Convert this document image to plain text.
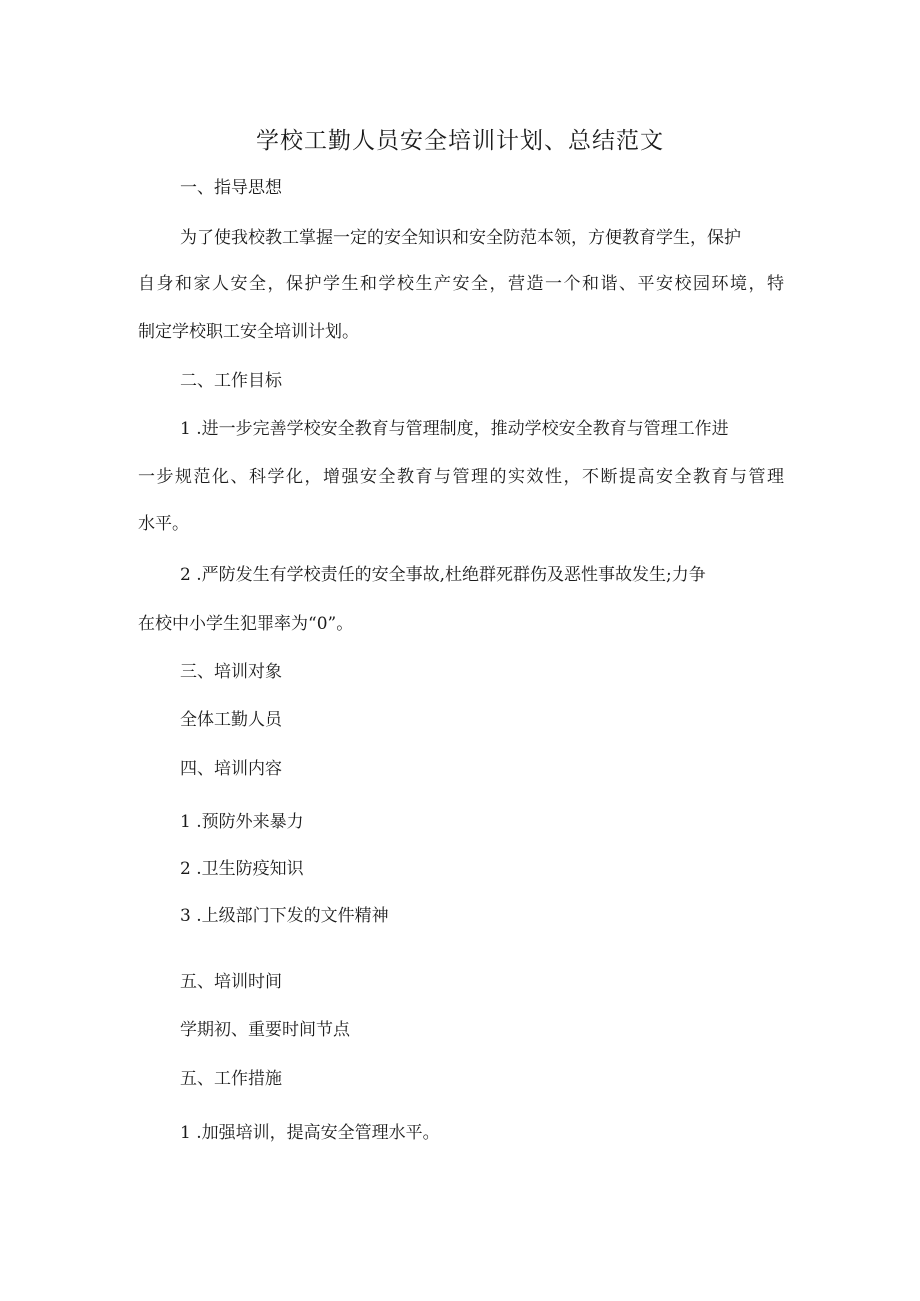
学校工勤人员安全培训计划、总结范文
一、指导思想
为了使我校教工掌握一定的安全知识和安全防范本领，方便教育学生，保护
自身和家人安全，保护学生和学校生产安全，营造一个和谐、平安校园环境，特
制定学校职工安全培训计划。
二、工作目标
1 .进一步完善学校安全教育与管理制度，推动学校安全教育与管理工作进
一步规范化、科学化，增强安全教育与管理的实效性，不断提高安全教育与管理
水平。
2 .严防发生有学校责任的安全事故,杜绝群死群伤及恶性事故发生;力争
在校中小学生犯罪率为“0”。
三、培训对象
全体工勤人员
四、培训内容
1 .预防外来暴力
2 .卫生防疫知识
3 .上级部门下发的文件精神
五、培训时间
学期初、重要时间节点
五、工作措施
1 .加强培训，提高安全管理水平。
